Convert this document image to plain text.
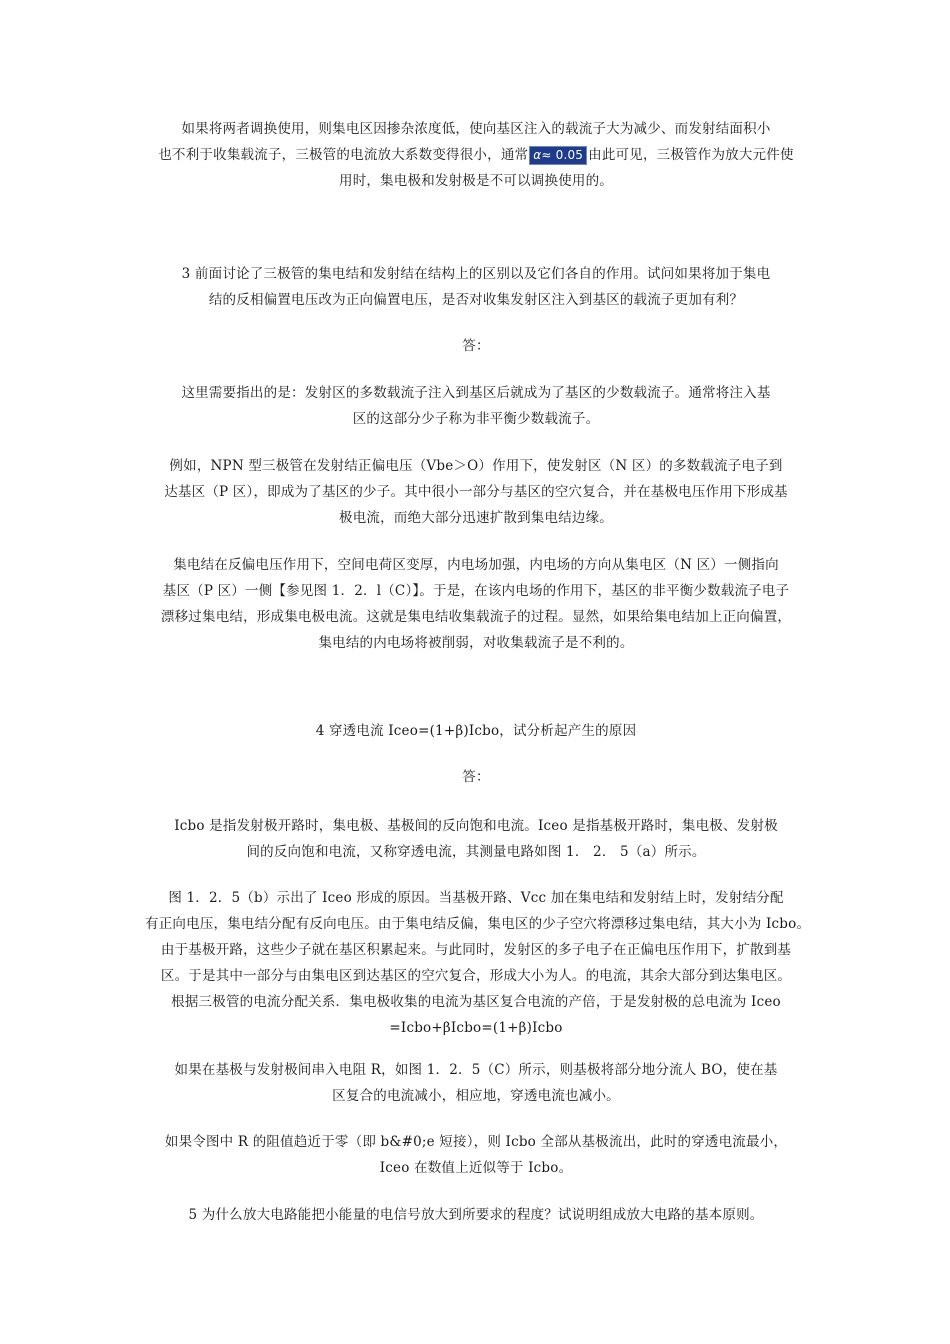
如果将两者调换使用，则集电区因掺杂浓度低，使向基区注入的载流子大为减少、而发射结面积小
也不利于收集载流子，三极管的电流放大系数变得很小，通常 α≈ 0.05 由此可见，三极管作为放大元件使
用时，集电极和发射极是不可以调换使用的。
3 前面讨论了三极管的集电结和发射结在结构上的区别以及它们各自的作用。试问如果将加于集电
结的反相偏置电压改为正向偏置电压，是否对收集发射区注入到基区的载流子更加有利？
答：
这里需要指出的是：发射区的多数载流子注入到基区后就成为了基区的少数载流子。通常将注入基
区的这部分少子称为非平衡少数载流子。
例如，NPN 型三极管在发射结正偏电压（Vbe＞O）作用下，使发射区（N 区）的多数载流子电子到
达基区（P 区），即成为了基区的少子。其中很小一部分与基区的空穴复合，并在基极电压作用下形成基
极电流，而绝大部分迅速扩散到集电结边缘。
集电结在反偏电压作用下，空间电荷区变厚，内电场加强，内电场的方向从集电区（N 区）一侧指向
基区（P 区）一侧【参见图 1．2．l（C）】。于是，在该内电场的作用下，基区的非平衡少数载流子电子
漂移过集电结，形成集电极电流。这就是集电结收集载流子的过程。显然，如果给集电结加上正向偏置，
集电结的内电场将被削弱，对收集载流子是不利的。
4 穿透电流 Iceo=(1+β)Icbo，试分析起产生的原因
答：
Icbo 是指发射极开路时，集电极、基极间的反向饱和电流。Iceo 是指基极开路时，集电极、发射极
间的反向饱和电流，又称穿透电流，其测量电路如图 1． 2． 5（a）所示。
图 1．2．5（b）示出了 Iceo 形成的原因。当基极开路、Vcc 加在集电结和发射结上时，发射结分配
有正向电压，集电结分配有反向电压。由于集电结反偏，集电区的少子空穴将漂移过集电结，其大小为 Icbo。
由于基极开路，这些少子就在基区积累起来。与此同时，发射区的多子电子在正偏电压作用下，扩散到基
区。于是其中一部分与由集电区到达基区的空穴复合，形成大小为人。的电流，其余大部分到达集电区。
根据三极管的电流分配关系．集电极收集的电流为基区复合电流的产倍，于是发射极的总电流为 Iceo
=Icbo+βIcbo=(1+β)Icbo
如果在基极与发射极间串入电阻 R，如图 1．2．5（C）所示，则基极将部分地分流人 BO，使在基
区复合的电流减小，相应地，穿透电流也减小。
如果令图中 R 的阻值趋近于零（即 b&#0;e 短接），则 Icbo 全部从基极流出，此时的穿透电流最小，
Iceo 在数值上近似等于 Icbo。
5 为什么放大电路能把小能量的电信号放大到所要求的程度？试说明组成放大电路的基本原则。
